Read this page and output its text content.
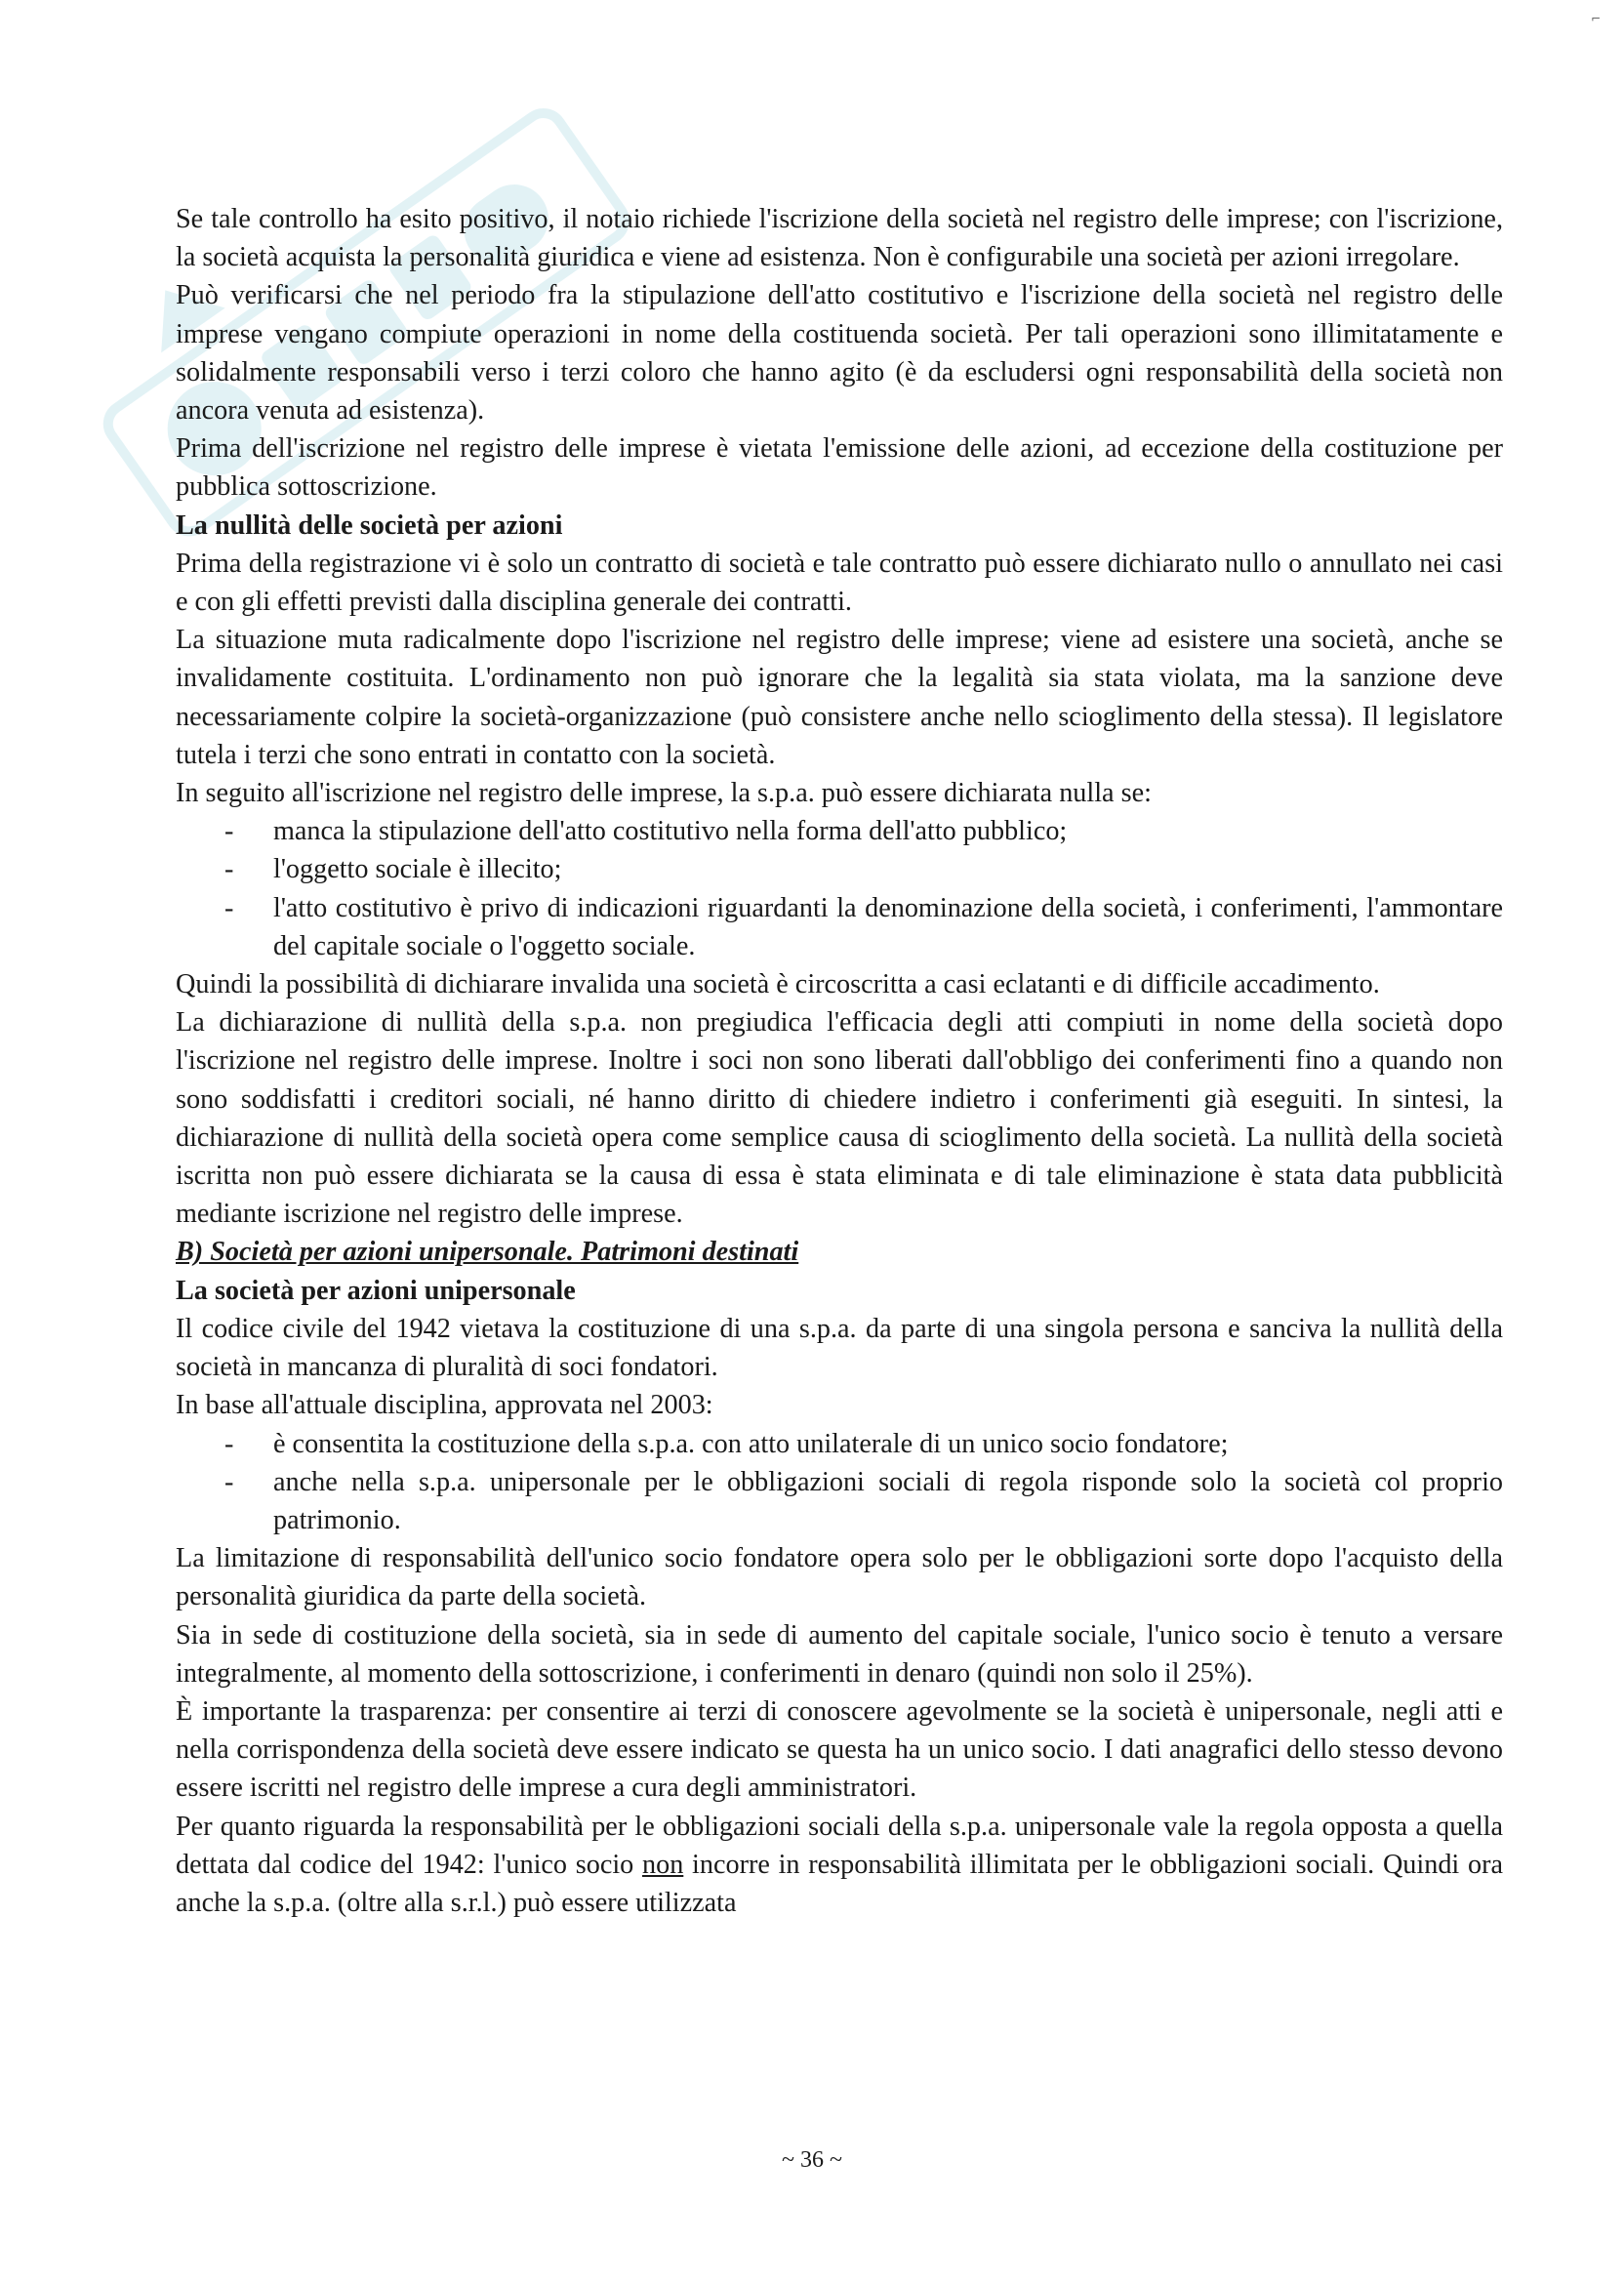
⌐

Se tale controllo ha esito positivo, il notaio richiede l'iscrizione della società nel registro delle imprese; con l'iscrizione, la società acquista la personalità giuridica e viene ad esistenza. Non è configurabile una società per azioni irregolare.

Può verificarsi che nel periodo fra la stipulazione dell'atto costitutivo e l'iscrizione della società nel registro delle imprese vengano compiute operazioni in nome della costituenda società. Per tali operazioni sono illimitatamente e solidalmente responsabili verso i terzi coloro che hanno agito (è da escludersi ogni responsabilità della società non ancora venuta ad esistenza).

Prima dell'iscrizione nel registro delle imprese è vietata l'emissione delle azioni, ad eccezione della costituzione per pubblica sottoscrizione.

La nullità delle società per azioni

Prima della registrazione vi è solo un contratto di società e tale contratto può essere dichiarato nullo o annullato nei casi e con gli effetti previsti dalla disciplina generale dei contratti.

La situazione muta radicalmente dopo l'iscrizione nel registro delle imprese; viene ad esistere una società, anche se invalidamente costituita. L'ordinamento non può ignorare che la legalità sia stata violata, ma la sanzione deve necessariamente colpire la società-organizzazione (può consistere anche nello scioglimento della stessa). Il legislatore tutela i terzi che sono entrati in contatto con la società.

In seguito all'iscrizione nel registro delle imprese, la s.p.a. può essere dichiarata nulla se:

- manca la stipulazione dell'atto costitutivo nella forma dell'atto pubblico;
- l'oggetto sociale è illecito;
- l'atto costitutivo è privo di indicazioni riguardanti la denominazione della società, i conferimenti, l'ammontare del capitale sociale o l'oggetto sociale.

Quindi la possibilità di dichiarare invalida una società è circoscritta a casi eclatanti e di difficile accadimento.

La dichiarazione di nullità della s.p.a. non pregiudica l'efficacia degli atti compiuti in nome della società dopo l'iscrizione nel registro delle imprese. Inoltre i soci non sono liberati dall'obbligo dei conferimenti fino a quando non sono soddisfatti i creditori sociali, né hanno diritto di chiedere indietro i conferimenti già eseguiti. In sintesi, la dichiarazione di nullità della società opera come semplice causa di scioglimento della società. La nullità della società iscritta non può essere dichiarata se la causa di essa è stata eliminata e di tale eliminazione è stata data pubblicità mediante iscrizione nel registro delle imprese.

B) Società per azioni unipersonale. Patrimoni destinati
La società per azioni unipersonale

Il codice civile del 1942 vietava la costituzione di una s.p.a. da parte di una singola persona e sanciva la nullità della società in mancanza di pluralità di soci fondatori.

In base all'attuale disciplina, approvata nel 2003:

- è consentita la costituzione della s.p.a. con atto unilaterale di un unico socio fondatore;
- anche nella s.p.a. unipersonale per le obbligazioni sociali di regola risponde solo la società col proprio patrimonio.

La limitazione di responsabilità dell'unico socio fondatore opera solo per le obbligazioni sorte dopo l'acquisto della personalità giuridica da parte della società.

Sia in sede di costituzione della società, sia in sede di aumento del capitale sociale, l'unico socio è tenuto a versare integralmente, al momento della sottoscrizione, i conferimenti in denaro (quindi non solo il 25%).

È importante la trasparenza: per consentire ai terzi di conoscere agevolmente se la società è unipersonale, negli atti e nella corrispondenza della società deve essere indicato se questa ha un unico socio. I dati anagrafici dello stesso devono essere iscritti nel registro delle imprese a cura degli amministratori.

Per quanto riguarda la responsabilità per le obbligazioni sociali della s.p.a. unipersonale vale la regola opposta a quella dettata dal codice del 1942: l'unico socio non incorre in responsabilità illimitata per le obbligazioni sociali. Quindi ora anche la s.p.a. (oltre alla s.r.l.) può essere utilizzata

~ 36 ~
